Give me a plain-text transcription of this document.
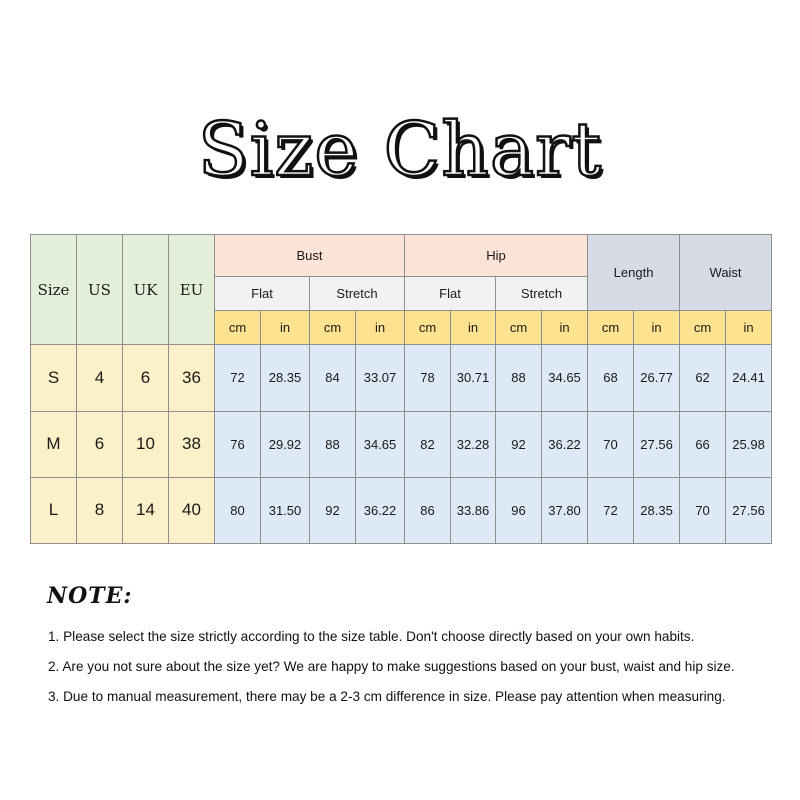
Size Chart
Size	US	UK	EU	Bust				Hip				Length		Waist	
				Flat		Stretch		Flat		Stretch					
				cm	in	cm	in	cm	in	cm	in	cm	in	cm	in
S	4	6	36	72	28.35	84	33.07	78	30.71	88	34.65	68	26.77	62	24.41
M	6	10	38	76	29.92	88	34.65	82	32.28	92	36.22	70	27.56	66	25.98
L	8	14	40	80	31.50	92	36.22	86	33.86	96	37.80	72	28.35	70	27.56
NOTE:
1. Please select the size strictly according to the size table. Don't choose directly based on your own habits.
2. Are you not sure about the size yet? We are happy to make suggestions based on your bust, waist and hip size.
3. Due to manual measurement, there may be a 2-3 cm difference in size. Please pay attention when measuring.
